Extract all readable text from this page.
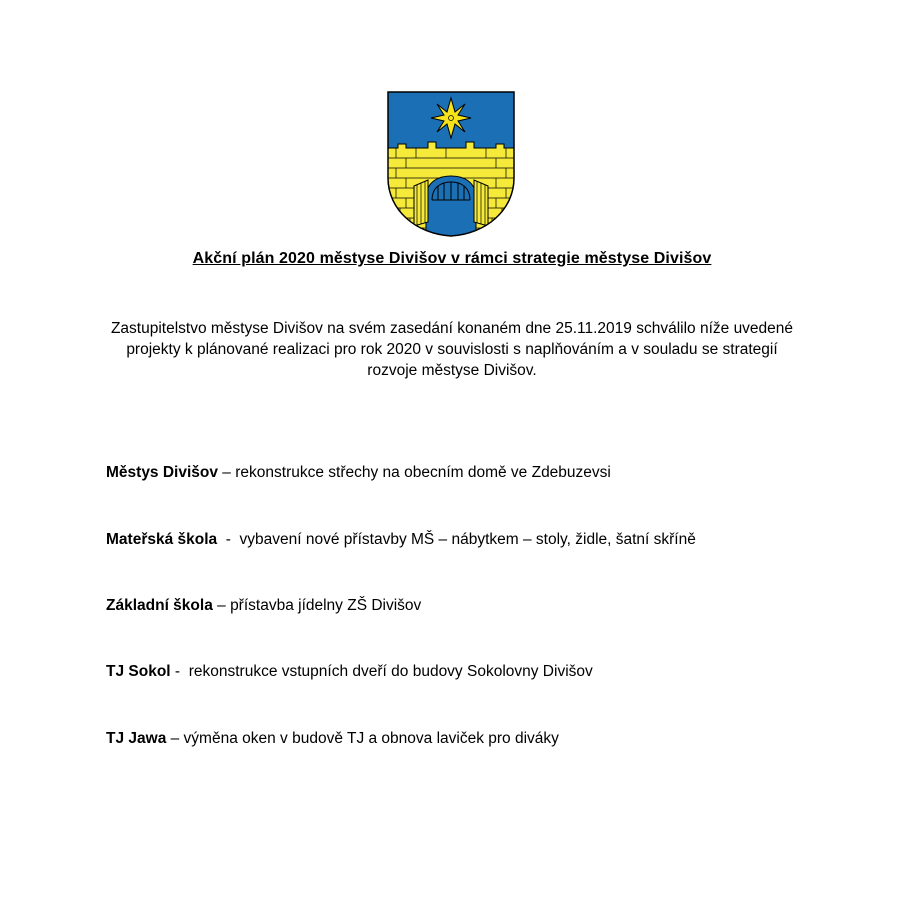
Akční plán 2020 městyse Divišov v rámci strategie městyse Divišov
Zastupitelstvo městyse Divišov na svém zasedání konaném dne 25.11.2019 schválilo níže uvedené projekty k plánované realizaci pro rok 2020 v souvislosti s naplňováním a v souladu se strategií rozvoje městyse Divišov.
Městys Divišov – rekonstrukce střechy na obecním domě ve Zdebuzevsi
Mateřská škola  -  vybavení nové přístavby MŠ – nábytkem – stoly, židle, šatní skříně
Základní škola – přístavba jídelny ZŠ Divišov
TJ Sokol -  rekonstrukce vstupních dveří do budovy Sokolovny Divišov
TJ Jawa – výměna oken v budově TJ a obnova laviček pro diváky
